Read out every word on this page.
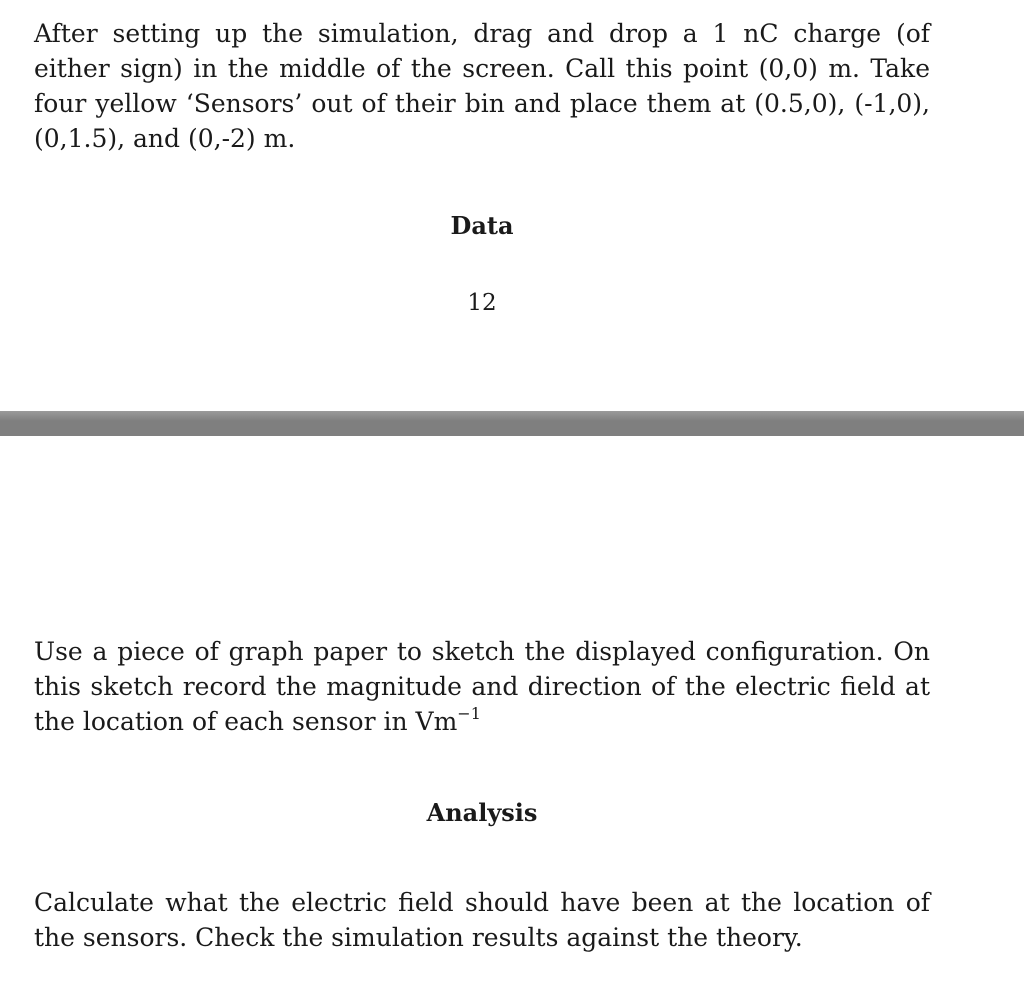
After setting up the simulation, drag and drop a 1 nC charge (of either sign) in the middle of the screen. Call this point (0,0) m. Take four yellow ‘Sensors’ out of their bin and place them at (0.5,0), (-1,0), (0,1.5), and (0,-2) m.

Data
12

Use a piece of graph paper to sketch the displayed configuration. On this sketch record the magnitude and direction of the electric field at the location of each sensor in $Vm^{-1}$

Analysis

Calculate what the electric field should have been at the location of the sensors. Check the simulation results against the theory.
